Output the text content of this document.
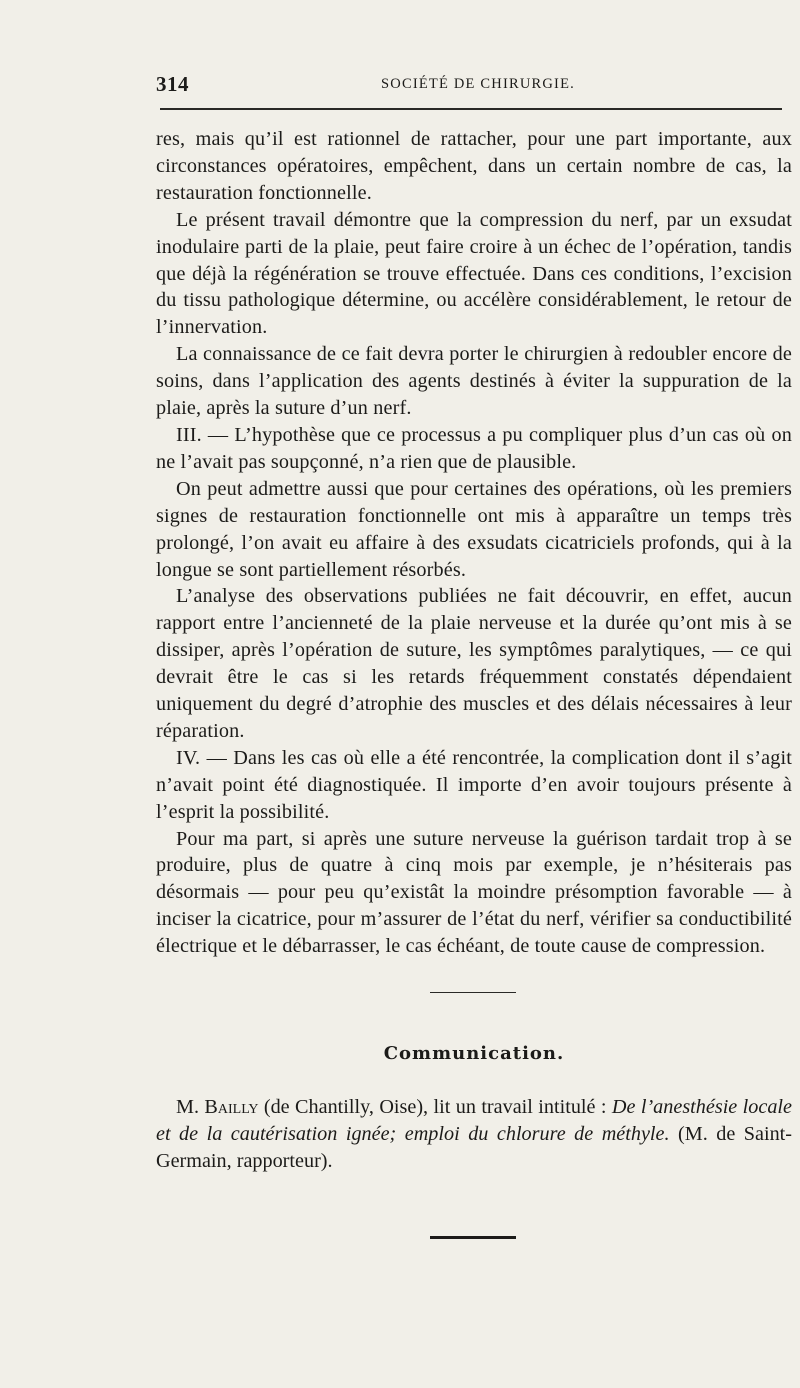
314	SOCIÉTÉ DE CHIRURGIE.

res, mais qu’il est rationnel de rattacher, pour une part importante, aux circonstances opératoires, empêchent, dans un certain nombre de cas, la restauration fonctionnelle.

Le présent travail démontre que la compression du nerf, par un exsudat inodulaire parti de la plaie, peut faire croire à un échec de l’opération, tandis que déjà la régénération se trouve effectuée. Dans ces conditions, l’excision du tissu pathologique détermine, ou accélère considérablement, le retour de l’innervation.

La connaissance de ce fait devra porter le chirurgien à redoubler encore de soins, dans l’application des agents destinés à éviter la suppuration de la plaie, après la suture d’un nerf.

III. — L’hypothèse que ce processus a pu compliquer plus d’un cas où on ne l’avait pas soupçonné, n’a rien que de plausible.

On peut admettre aussi que pour certaines des opérations, où les premiers signes de restauration fonctionnelle ont mis à apparaître un temps très prolongé, l’on avait eu affaire à des exsudats cicatriciels profonds, qui à la longue se sont partiellement résorbés.

L’analyse des observations publiées ne fait découvrir, en effet, aucun rapport entre l’ancienneté de la plaie nerveuse et la durée qu’ont mis à se dissiper, après l’opération de suture, les symptômes paralytiques, — ce qui devrait être le cas si les retards fréquemment constatés dépendaient uniquement du degré d’atrophie des muscles et des délais nécessaires à leur réparation.

IV. — Dans les cas où elle a été rencontrée, la complication dont il s’agit n’avait point été diagnostiquée. Il importe d’en avoir toujours présente à l’esprit la possibilité.

Pour ma part, si après une suture nerveuse la guérison tardait trop à se produire, plus de quatre à cinq mois par exemple, je n’hésiterais pas désormais — pour peu qu’existât la moindre présomption favorable — à inciser la cicatrice, pour m’assurer de l’état du nerf, vérifier sa conductibilité électrique et le débarrasser, le cas échéant, de toute cause de compression.

Communication.

M. Bailly (de Chantilly, Oise), lit un travail intitulé : De l’anesthésie locale et de la cautérisation ignée; emploi du chlorure de méthyle. (M. de Saint-Germain, rapporteur).
